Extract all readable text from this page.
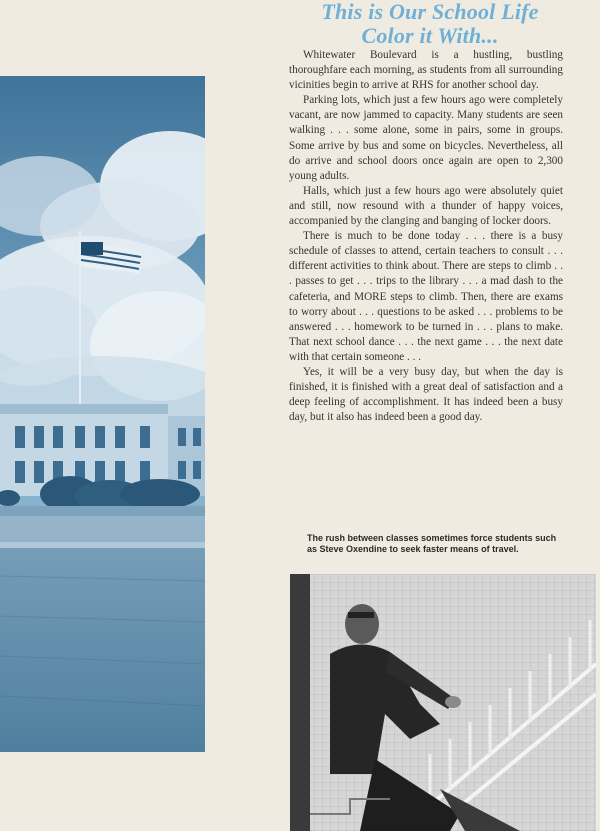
This is Our School Life
Color it With...

Whitewater Boulevard is a hustling, bustling thoroughfare each morning, as students from all surrounding vicinities begin to arrive at RHS for another school day.

Parking lots, which just a few hours ago were completely vacant, are now jammed to capacity. Many students are seen walking . . . some alone, some in pairs, some in groups. Some arrive by bus and some on bicycles. Nevertheless, all do arrive and school doors once again are open to 2,300 young adults.

Halls, which just a few hours ago were absolutely quiet and still, now resound with a thunder of happy voices, accompanied by the clanging and banging of locker doors.

There is much to be done today . . . there is a busy schedule of classes to attend, certain teachers to consult . . . different activities to think about. There are steps to climb . . . passes to get . . . trips to the library . . . a mad dash to the cafeteria, and MORE steps to climb. Then, there are exams to worry about . . . questions to be asked . . . problems to be answered . . . homework to be turned in . . . plans to make. That next school dance . . . the next game . . . the next date with that certain someone . . .

Yes, it will be a very busy day, but when the day is finished, it is finished with a great deal of satisfaction and a deep feeling of accomplishment. It has indeed been a busy day, but it also has indeed been a good day.

The rush between classes sometimes force students such as Steve Oxendine to seek faster means of travel.
